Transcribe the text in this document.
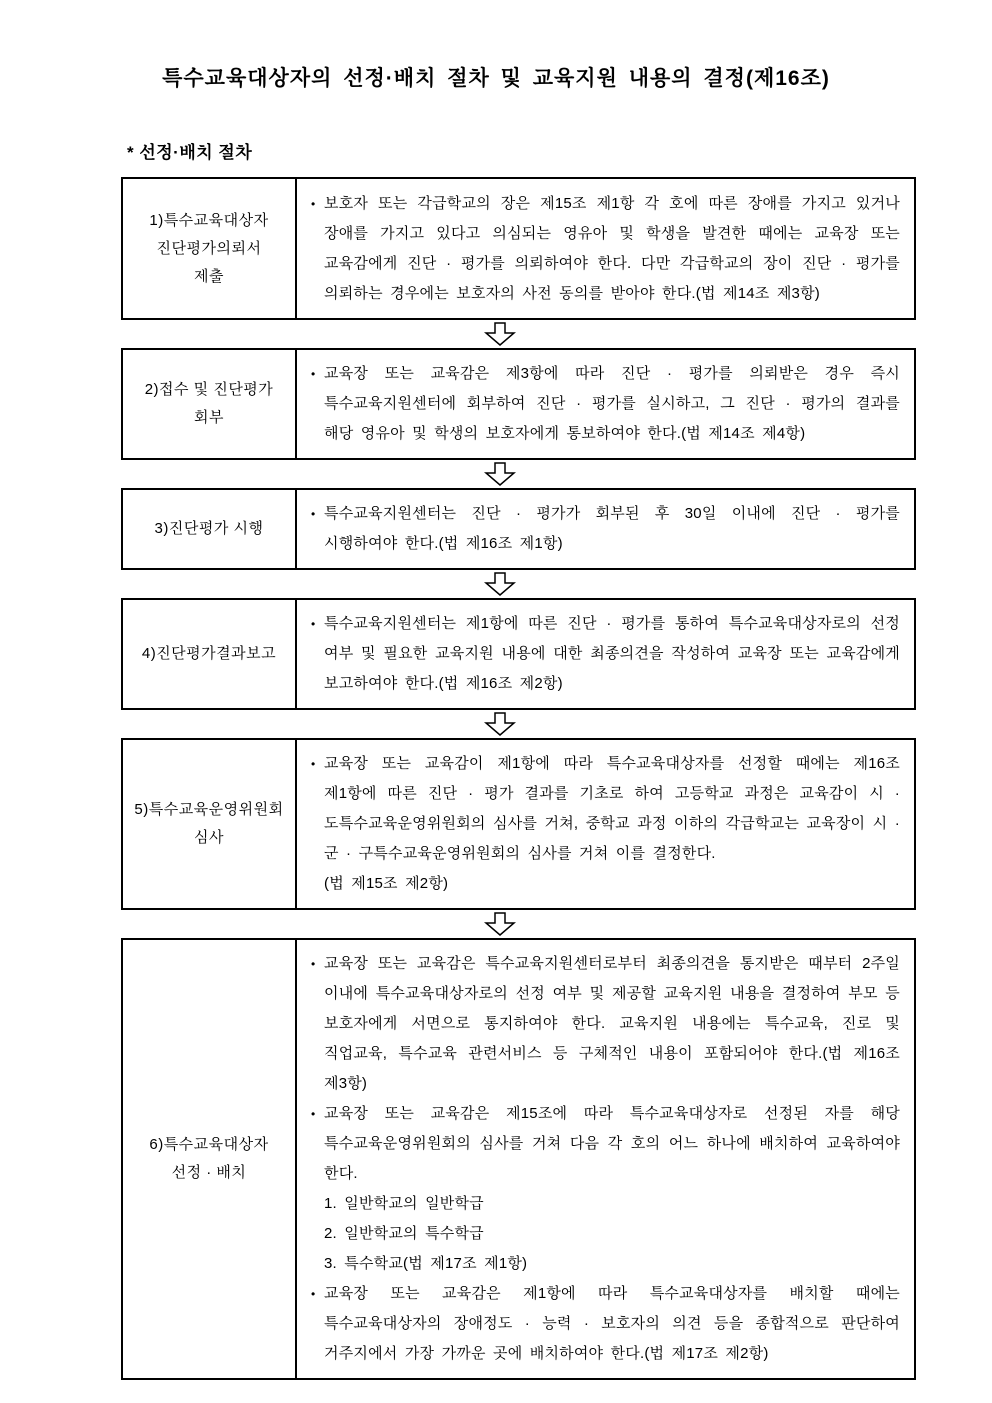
특수교육대상자의 선정·배치 절차 및 교육지원 내용의 결정(제16조)
* 선정·배치 절차
1)특수교육대상자
진단평가의뢰서
제출
• 보호자 또는 각급학교의 장은 제15조 제1항 각 호에 따른 장애를 가지고 있거나 장애를 가지고 있다고 의심되는 영유아 및 학생을 발견한 때에는 교육장 또는 교육감에게 진단 · 평가를 의뢰하여야 한다. 다만 각급학교의 장이 진단 · 평가를 의뢰하는 경우에는 보호자의 사전 동의를 받아야 한다.(법 제14조 제3항)
2)접수 및 진단평가
회부
• 교육장 또는 교육감은 제3항에 따라 진단 · 평가를 의뢰받은 경우 즉시 특수교육지원센터에 회부하여 진단 · 평가를 실시하고, 그 진단 · 평가의 결과를 해당 영유아 및 학생의 보호자에게 통보하여야 한다.(법 제14조 제4항)
3)진단평가 시행
• 특수교육지원센터는 진단 · 평가가 회부된 후 30일 이내에 진단 · 평가를 시행하여야 한다.(법 제16조 제1항)
4)진단평가결과보고
• 특수교육지원센터는 제1항에 따른 진단 · 평가를 통하여 특수교육대상자로의 선정 여부 및 필요한 교육지원 내용에 대한 최종의견을 작성하여 교육장 또는 교육감에게 보고하여야 한다.(법 제16조 제2항)
5)특수교육운영위원회
심사
• 교육장 또는 교육감이 제1항에 따라 특수교육대상자를 선정할 때에는 제16조 제1항에 따른 진단 · 평가 결과를 기초로 하여 고등학교 과정은 교육감이 시 · 도특수교육운영위원회의 심사를 거쳐, 중학교 과정 이하의 각급학교는 교육장이 시 · 군 · 구특수교육운영위원회의 심사를 거쳐 이를 결정한다.
(법 제15조 제2항)
6)특수교육대상자
선정 · 배치
• 교육장 또는 교육감은 특수교육지원센터로부터 최종의견을 통지받은 때부터 2주일 이내에 특수교육대상자로의 선정 여부 및 제공할 교육지원 내용을 결정하여 부모 등 보호자에게 서면으로 통지하여야 한다. 교육지원 내용에는 특수교육, 진로 및 직업교육, 특수교육 관련서비스 등 구체적인 내용이 포함되어야 한다.(법 제16조 제3항)
• 교육장 또는 교육감은 제15조에 따라 특수교육대상자로 선정된 자를 해당 특수교육운영위원회의 심사를 거쳐 다음 각 호의 어느 하나에 배치하여 교육하여야 한다.
1. 일반학교의 일반학급
2. 일반학교의 특수학급
3. 특수학교(법 제17조 제1항)
• 교육장 또는 교육감은 제1항에 따라 특수교육대상자를 배치할 때에는 특수교육대상자의 장애정도 · 능력 · 보호자의 의견 등을 종합적으로 판단하여 거주지에서 가장 가까운 곳에 배치하여야 한다.(법 제17조 제2항)
